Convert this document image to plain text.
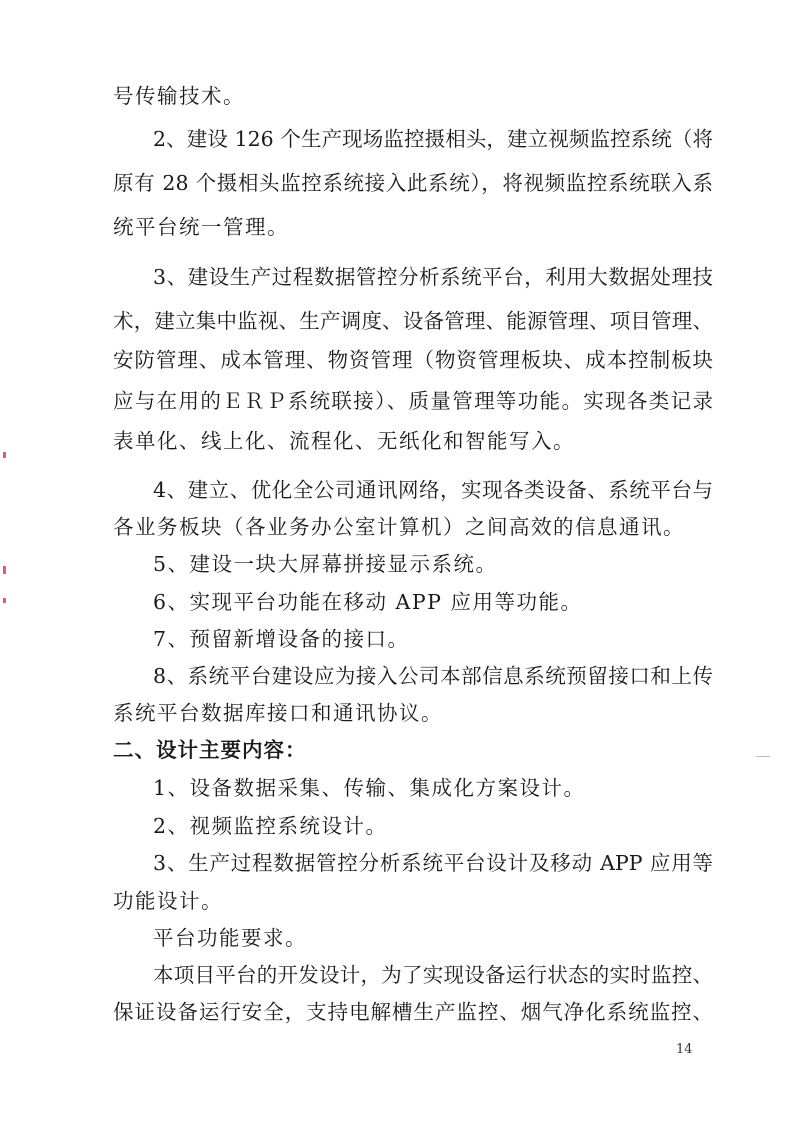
号传输技术。
2、建设 126 个生产现场监控摄相头，建立视频监控系统（将
原有 28 个摄相头监控系统接入此系统），将视频监控系统联入系
统平台统一管理。
3、建设生产过程数据管控分析系统平台，利用大数据处理技
术，建立集中监视、生产调度、设备管理、能源管理、项目管理、
安防管理、成本管理、物资管理（物资管理板块、成本控制板块
应与在用的ＥＲＰ系统联接）、质量管理等功能。实现各类记录
表单化、线上化、流程化、无纸化和智能写入。
4、建立、优化全公司通讯网络，实现各类设备、系统平台与
各业务板块（各业务办公室计算机）之间高效的信息通讯。
5、建设一块大屏幕拼接显示系统。
6、实现平台功能在移动 APP 应用等功能。
7、预留新增设备的接口。
8、系统平台建设应为接入公司本部信息系统预留接口和上传
系统平台数据库接口和通讯协议。
二、设计主要内容：
1、设备数据采集、传输、集成化方案设计。
2、视频监控系统设计。
3、生产过程数据管控分析系统平台设计及移动 APP 应用等
功能设计。
平台功能要求。
本项目平台的开发设计，为了实现设备运行状态的实时监控、
保证设备运行安全，支持电解槽生产监控、烟气净化系统监控、
14
